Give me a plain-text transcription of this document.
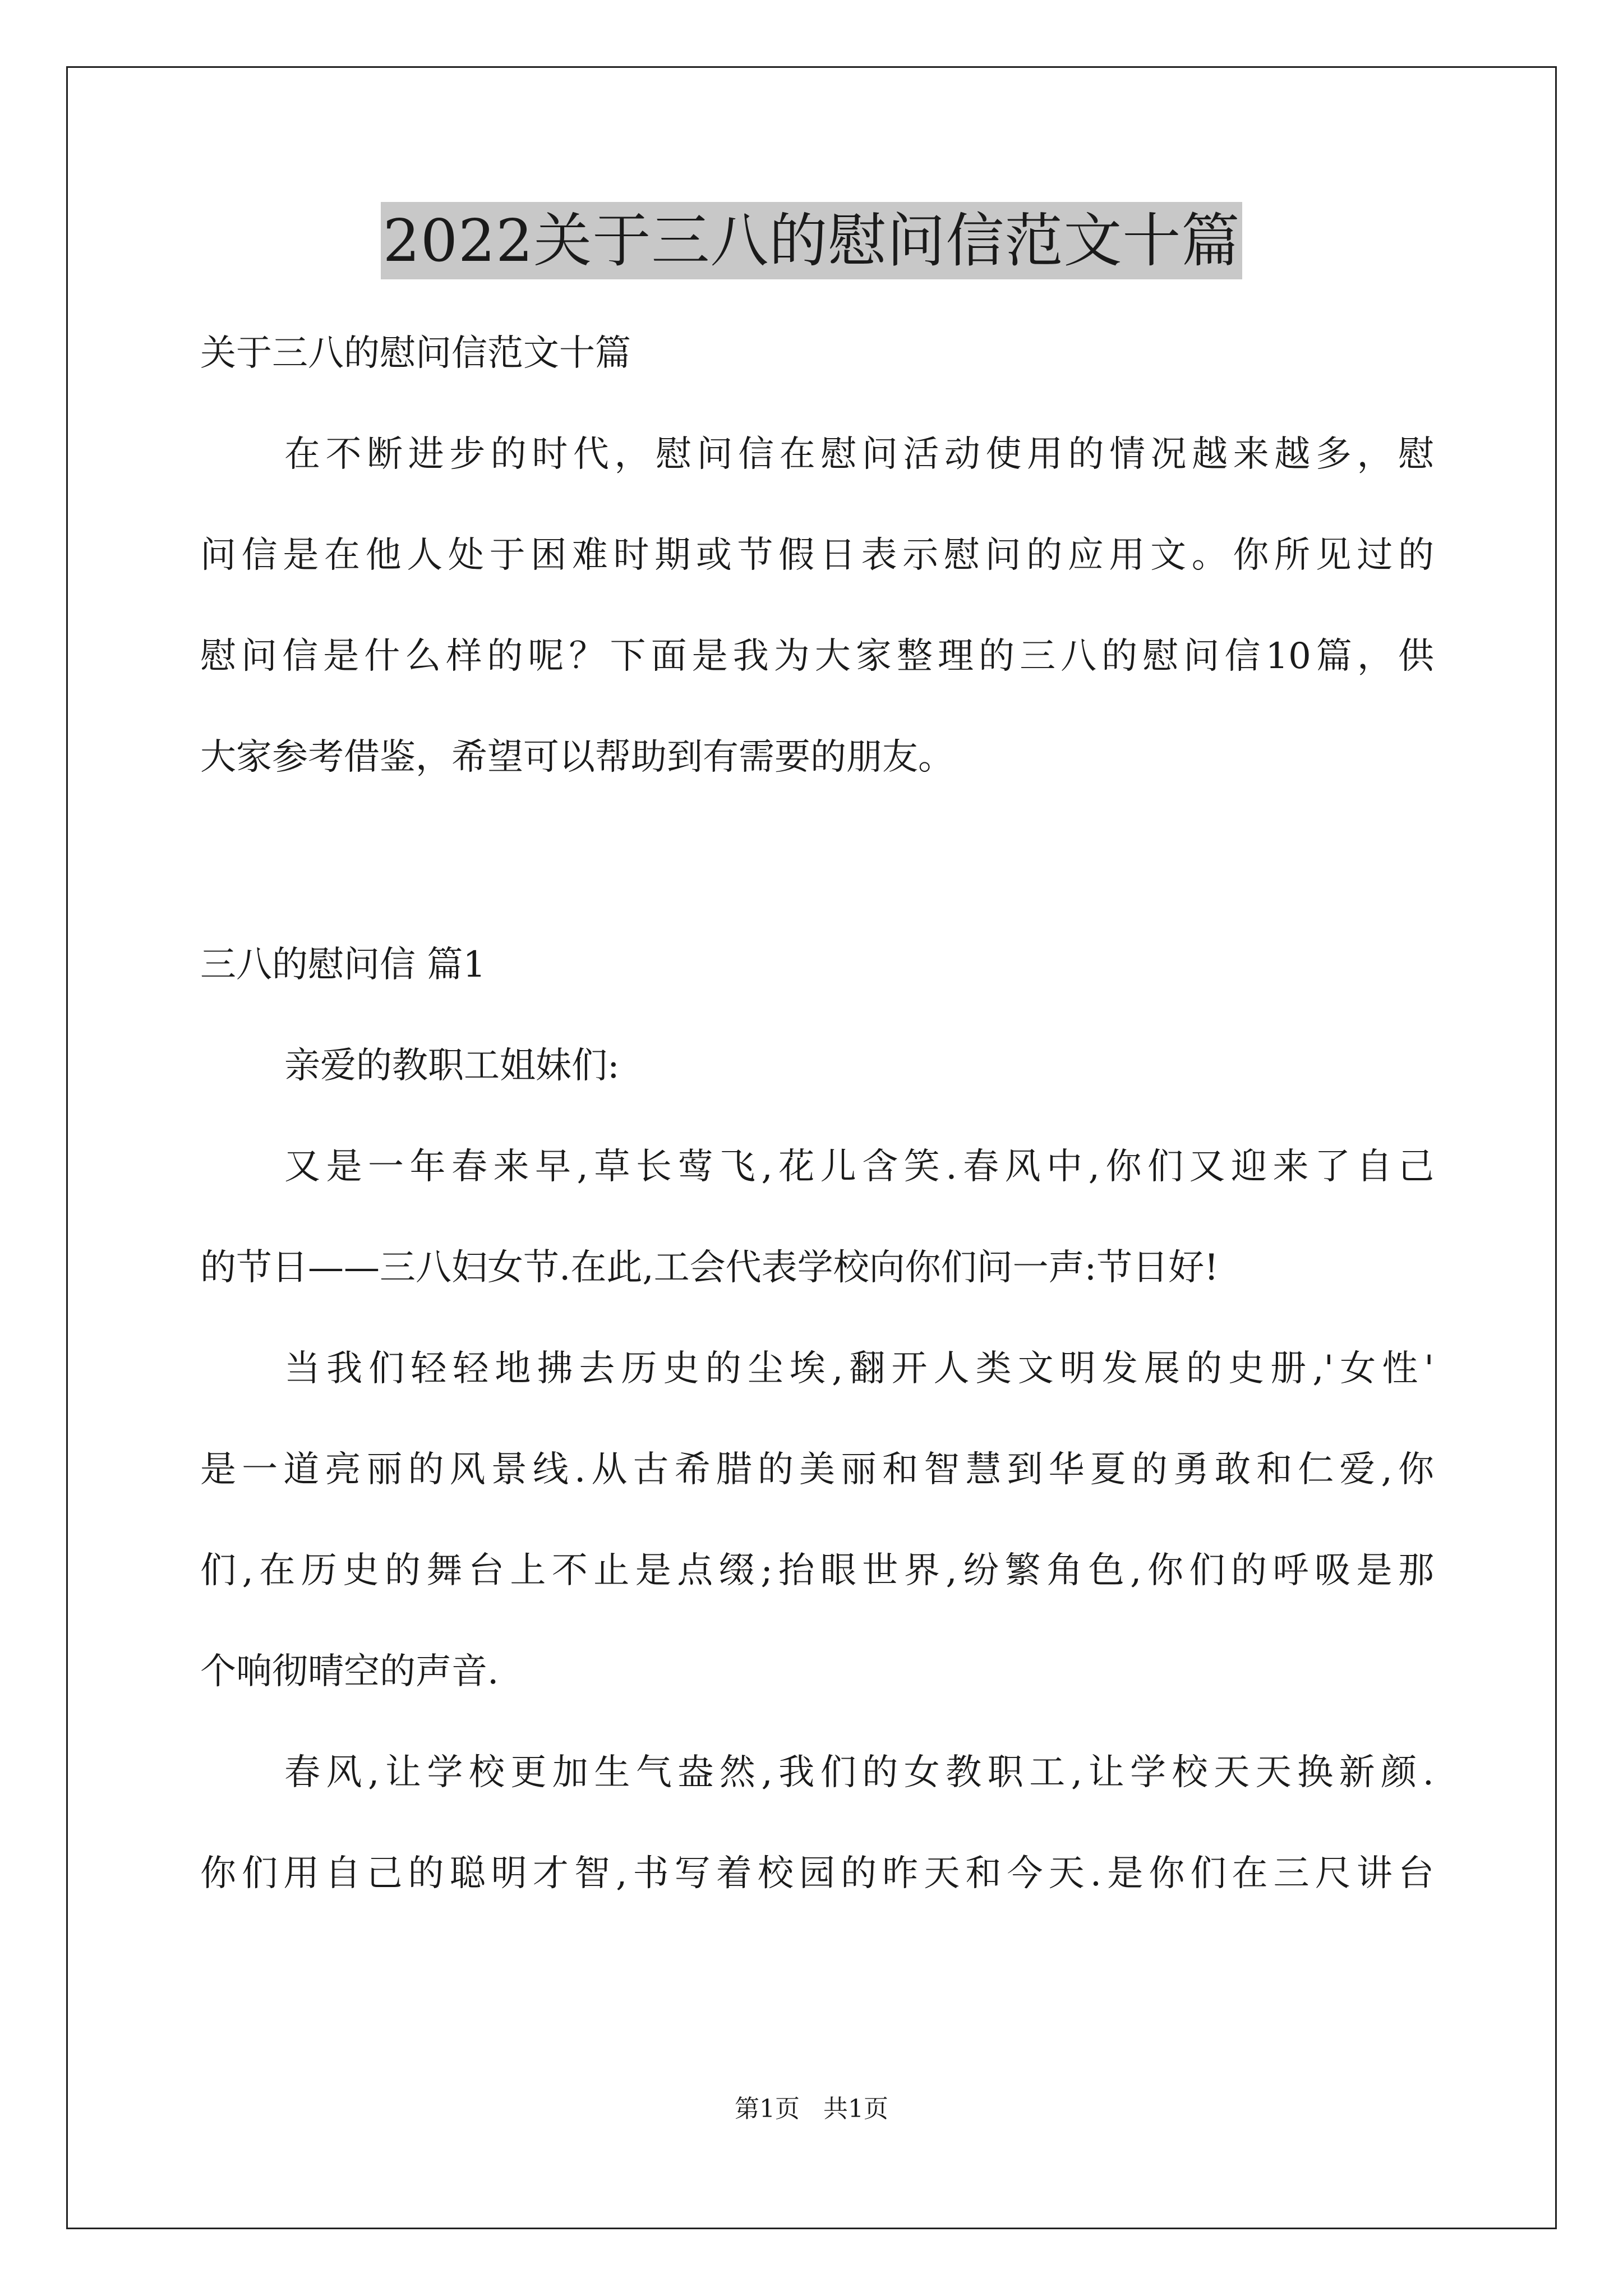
2022关于三八的慰问信范文十篇
关于三八的慰问信范文十篇
在不断进步的时代，慰问信在慰问活动使用的情况越来越多，慰
问信是在他人处于困难时期或节假日表示慰问的应用文。你所见过的
慰问信是什么样的呢？下面是我为大家整理的三八的慰问信10篇，供
大家参考借鉴，希望可以帮助到有需要的朋友。
三八的慰问信 篇1
亲爱的教职工姐妹们:
又是一年春来早,草长莺飞,花儿含笑.春风中,你们又迎来了自己
的节日——三八妇女节.在此,工会代表学校向你们问一声:节日好!
当我们轻轻地拂去历史的尘埃,翻开人类文明发展的史册,'女性'
是一道亮丽的风景线.从古希腊的美丽和智慧到华夏的勇敢和仁爱,你
们,在历史的舞台上不止是点缀;抬眼世界,纷繁角色,你们的呼吸是那
个响彻晴空的声音.
春风,让学校更加生气盎然,我们的女教职工,让学校天天换新颜.
你们用自己的聪明才智,书写着校园的昨天和今天.是你们在三尺讲台
第1页   共1页
